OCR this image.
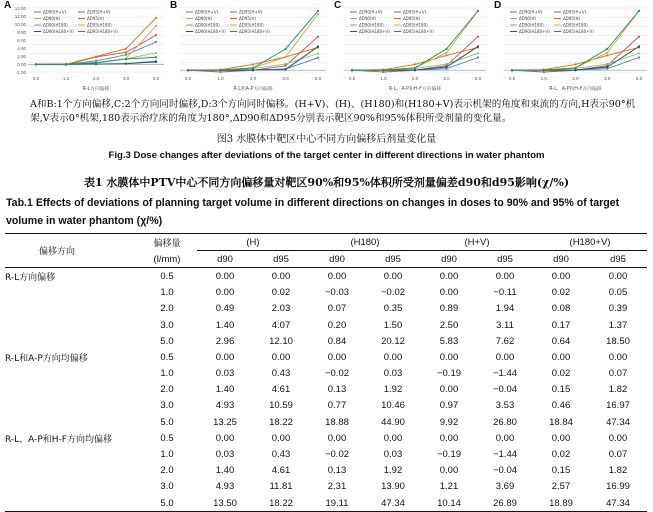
A 14.00
12.00
10.00
8.00
6.00
4.00
2.00
0.00
-2.00
0.5	1.0	2.0	3.0	5.0
R-L方向偏移
ΔD90(H+V)	ΔD95(H+V)
ΔD90(H)	ΔD95(H)
ΔD90(H180)	ΔD95(H180)
ΔD90(H180+V)	ΔD95(H180+V)
B
0.5	1.0	2.0	3.0	5.0
R-L和A-P方向偏移
ΔD90(H+V)	ΔD95(H+V)
ΔD90(H)	ΔD95(H)
ΔD90(H180)	ΔD95(H180)
ΔD90(H180+V)	ΔD95(H180+V)
C
0.5	1.0	2.0	3.0	5.0
R-L、A-P和H-F方向偏移
ΔD90(H+V)	ΔD95(H+V)
ΔD90(H)	ΔD95(H)
ΔD90(H180)	ΔD95(H180)
ΔD90(H180+V)	ΔD95(H180+V)
D
0.5	1.0	2.0	3.0	5.0
R-L、A-P和H-F方向偏移
ΔD90(H+V)	ΔD95(H+V)
ΔD90(H)	ΔD95(H)
ΔD90(H180)	ΔD95(H180)
ΔD90(H180+V)	ΔD95(H180+V)
A和B:1个方向偏移,C:2个方向同时偏移,D:3个方向同时偏移。(H+V)、(H)、(H180)和(H180+V)表示机架的角度和束流的方向,H表示90°机架,V表示0°机架,180表示治疗床的角度为180°,ΔD90和ΔD95分别表示靶区90%和95%体积所受剂量的变化量。
图3 水膜体中靶区中心不同方向偏移后剂量变化量
Fig.3 Dose changes after deviations of the target center in different directions in water phantom
表1 水膜体中PTV中心不同方向偏移量对靶区90%和95%体积所受剂量偏差d90和d95影响(χ/%)
Tab.1 Effects of deviations of planning target volume in different directions on changes in doses to 90% and 95% of target volume in water phantom (χ/%)
偏移方向	偏移量	(H)		(H180)		(H+V)		(H180+V)	
	(l/mm)	d90	d95	d90	d95	d90	d95	d90	d95
R-L方向偏移	0.5	0.00	0.00	0.00	0.00	0.00	0.00	0.00	0.00
	1.0	0.00	0.02	−0.03	−0.02	0.00	−0.11	0.02	0.05
	2.0	0.49	2.03	0.07	0.35	0.89	1.94	0.08	0.39
	3.0	1.40	4.07	0.20	1.50	2.50	3.11	0.17	1.37
	5.0	2.96	12.10	0.84	20.12	5.83	7.62	0.64	18.50
R-L和A-P方向均偏移	0.5	0.00	0.00	0.00	0.00	0.00	0.00	0.00	0.00
	1.0	0.03	0.43	−0.02	0.03	−0.19	−1.44	0.02	0.07
	2.0	1.40	4.61	0.13	1.92	0.00	−0.04	0.15	1.82
	3.0	4.93	10.59	0.77	10.46	0.97	3.53	0.46	16.97
	5.0	13.25	18.22	18.88	44.90	9.92	26.80	18.84	47.34
R-L、A-P和H-F方向均偏移	0.5	0.00	0.00	0.00	0.00	0.00	0.00	0.00	0.00
	1.0	0.03	0.43	−0.02	0.03	−0.19	−1.44	0.02	0.07
	2.0	1.40	4.61	0.13	1.92	0.00	−0.04	0.15	1.82
	3.0	4.93	11.81	2.31	13.90	1.21	3.69	2.57	16.99
	5.0	13.50	18.22	19.11	47.34	10.14	26.89	18.89	47.34
